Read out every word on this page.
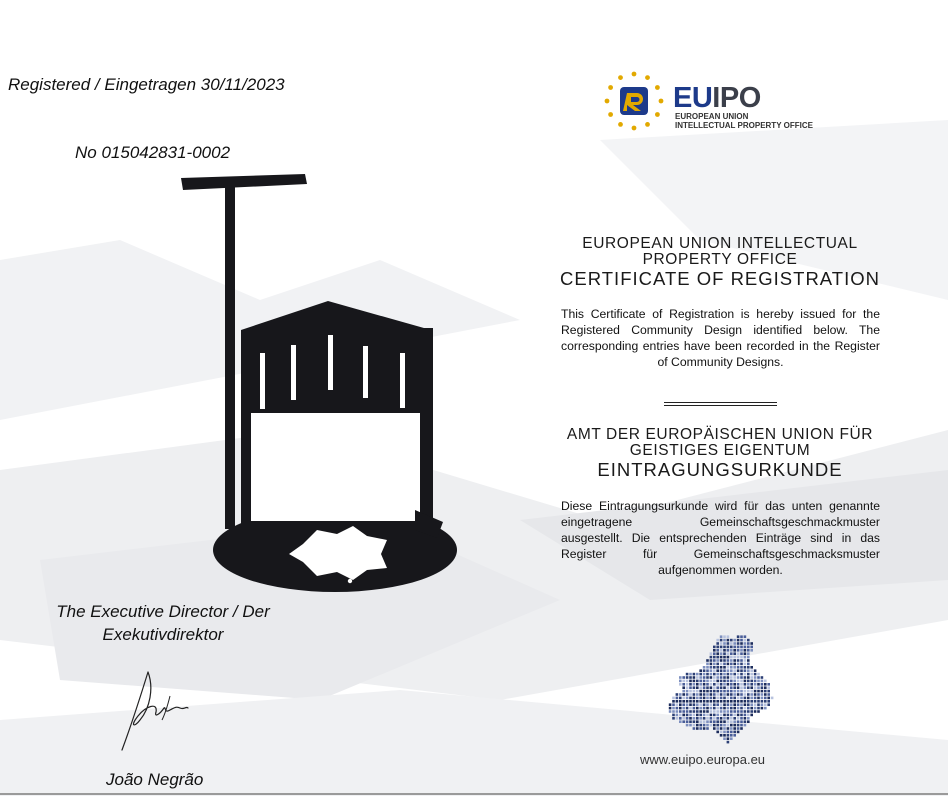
Registered / Eingetragen 30/11/2023
No 015042831-0002
EUIPO
EUROPEAN UNION
INTELLECTUAL PROPERTY OFFICE
EUROPEAN UNION INTELLECTUAL
PROPERTY OFFICE
CERTIFICATE OF REGISTRATION
This Certificate of Registration is hereby issued for the Registered Community Design identified below. The corresponding entries have been recorded in the Register of Community Designs.
AMT DER EUROPÄISCHEN UNION FÜR
GEISTIGES EIGENTUM
EINTRAGUNGSURKUNDE
Diese Eintragungsurkunde wird für das unten genannte eingetragene Gemeinschaftsgeschmackmuster ausgestellt. Die entsprechenden Einträge sind in das Register für Gemeinschaftsgeschmacksmuster aufgenommen worden.
The Executive Director / Der
Exekutivdirektor
João Negrão
www.euipo.europa.eu
